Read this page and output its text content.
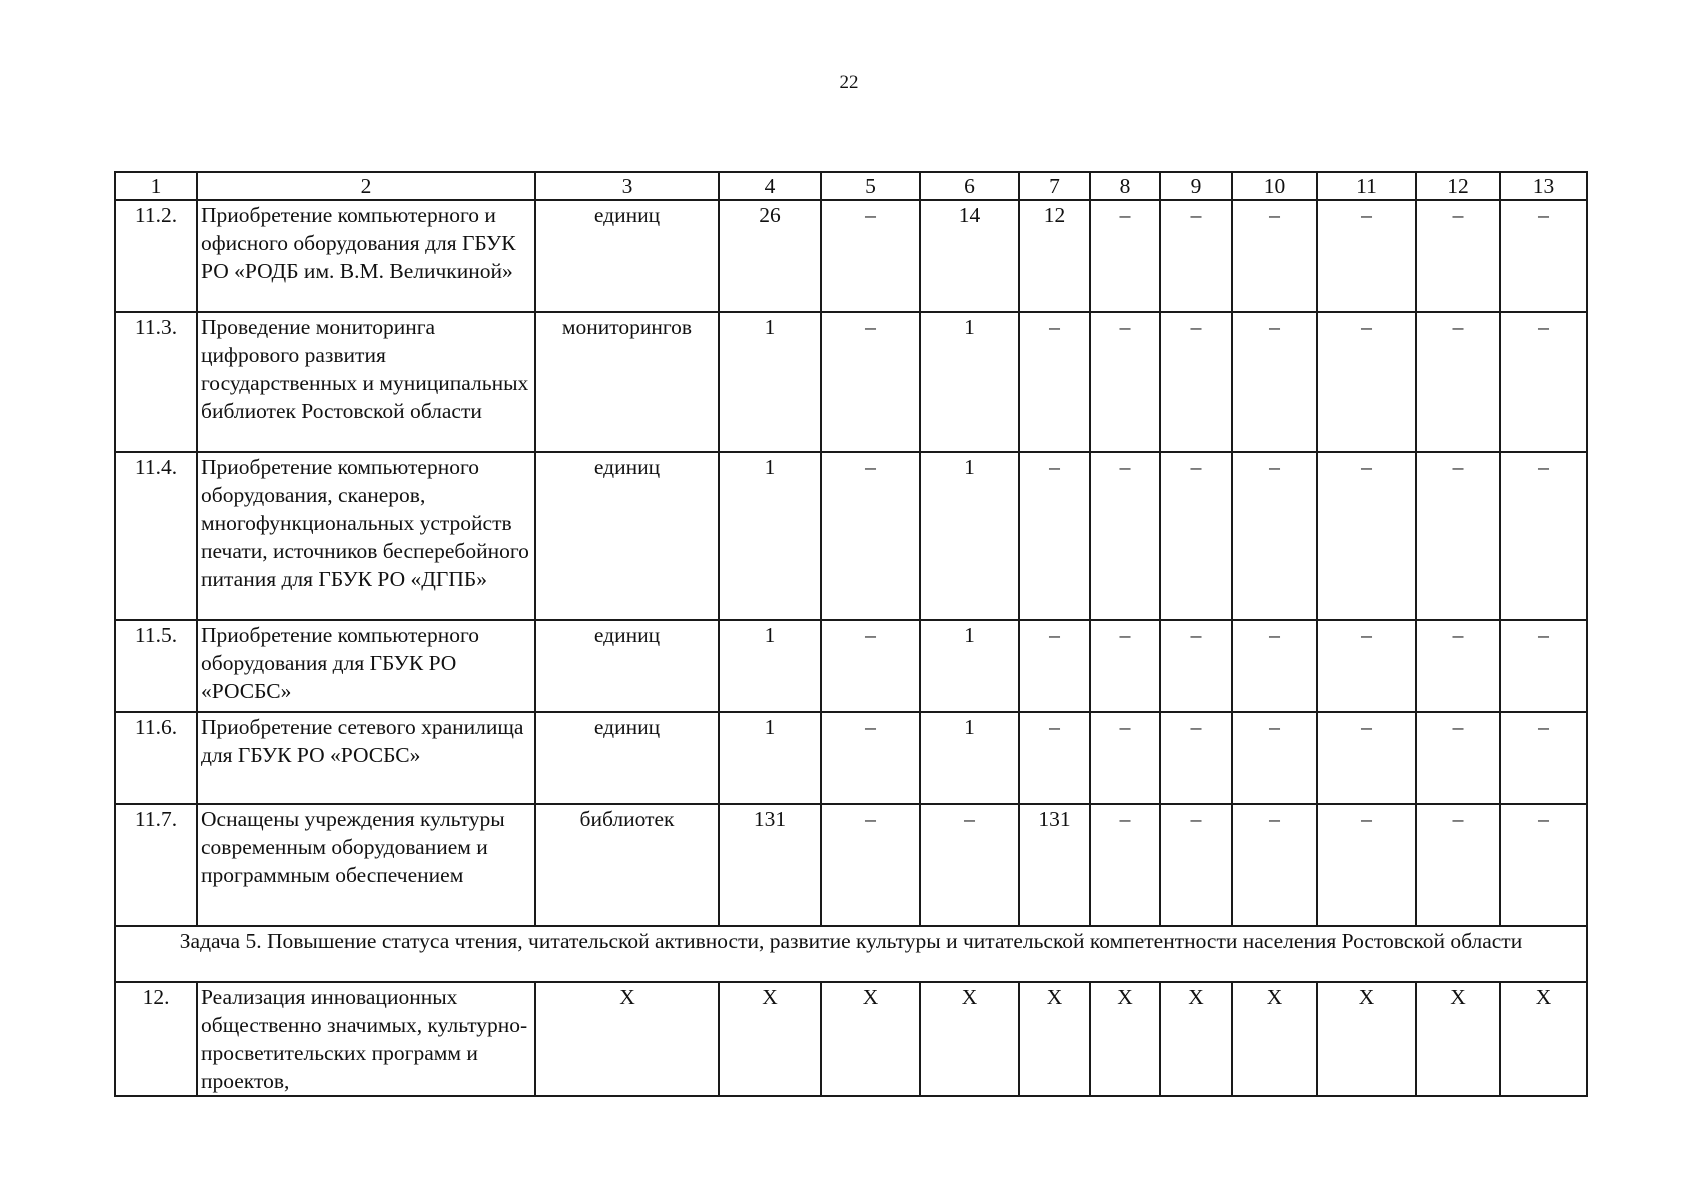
22
1	2	3	4	5	6	7	8	9	10	11	12	13
11.2.	Приобретение компьютерного и офисного оборудования для ГБУК РО «РОДБ им. В.М. Величкиной»	единиц	26	–	14	12	–	–	–	–	–	–
11.3.	Проведение мониторинга цифрового развития государственных и муниципальных библиотек Ростовской области	мониторингов	1	–	1	–	–	–	–	–	–	–
11.4.	Приобретение компьютерного оборудования, сканеров, многофункциональных устройств печати, источников бесперебойного питания для ГБУК РО «ДГПБ»	единиц	1	–	1	–	–	–	–	–	–	–
11.5.	Приобретение компьютерного оборудования для ГБУК РО «РОСБС»	единиц	1	–	1	–	–	–	–	–	–	–
11.6.	Приобретение сетевого хранилища для ГБУК РО «РОСБС»	единиц	1	–	1	–	–	–	–	–	–	–
11.7.	Оснащены учреждения культуры современным оборудованием и программным обеспечением	библиотек	131	–	–	131	–	–	–	–	–	–
Задача 5. Повышение статуса чтения, читательской активности, развитие культуры и читательской компетентности населения Ростовской области												
12.	Реализация инновационных общественно значимых, культурно-просветительских программ и проектов,	Х	Х	Х	Х	Х	Х	Х	Х	Х	Х	Х
